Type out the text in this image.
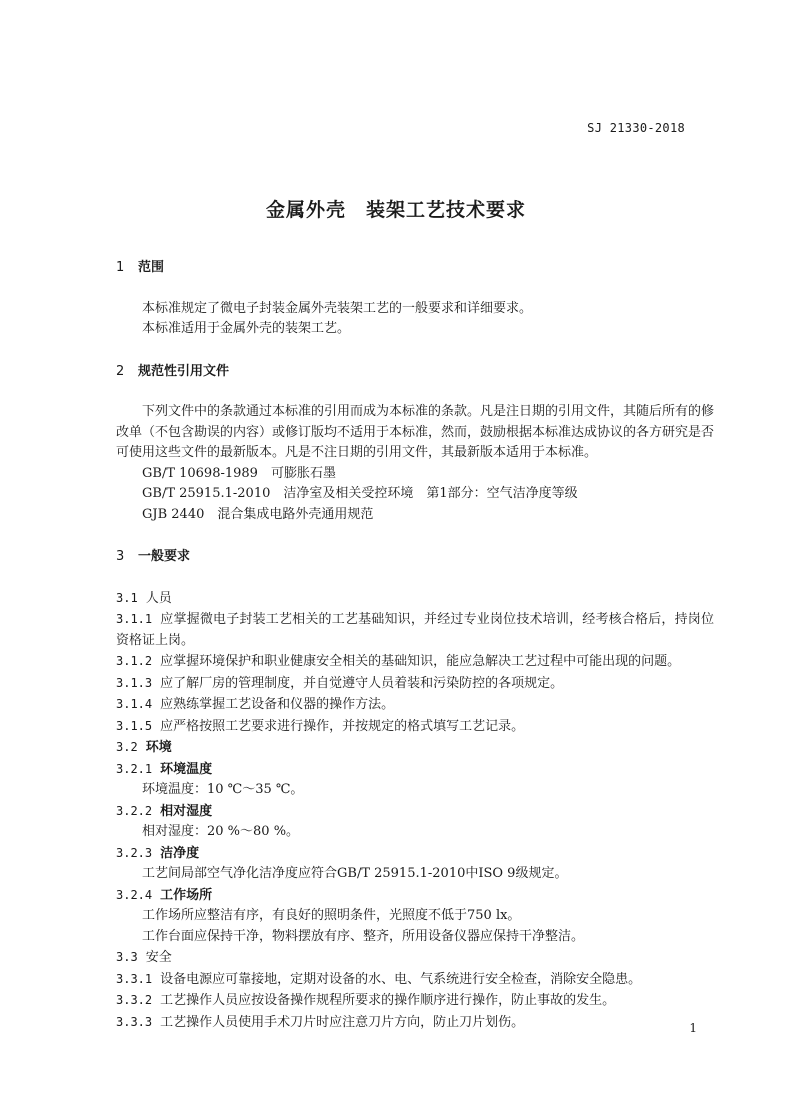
SJ 21330-2018
金属外壳　装架工艺技术要求

1 范围

本标准规定了微电子封装金属外壳装架工艺的一般要求和详细要求。

本标准适用于金属外壳的装架工艺。

2 规范性引用文件

下列文件中的条款通过本标准的引用而成为本标准的条款。凡是注日期的引用文件，其随后所有的修改单（不包含勘误的内容）或修订版均不适用于本标准，然而，鼓励根据本标准达成协议的各方研究是否可使用这些文件的最新版本。凡是不注日期的引用文件，其最新版本适用于本标准。

GB/T 10698-1989　可膨胀石墨

GB/T 25915.1-2010　洁净室及相关受控环境　第1部分：空气洁净度等级

GJB 2440　混合集成电路外壳通用规范

3 一般要求

3.1 人员

3.1.1 应掌握微电子封装工艺相关的工艺基础知识，并经过专业岗位技术培训，经考核合格后，持岗位资格证上岗。

3.1.2 应掌握环境保护和职业健康安全相关的基础知识，能应急解决工艺过程中可能出现的问题。

3.1.3 应了解厂房的管理制度，并自觉遵守人员着装和污染防控的各项规定。

3.1.4 应熟练掌握工艺设备和仪器的操作方法。

3.1.5 应严格按照工艺要求进行操作，并按规定的格式填写工艺记录。

3.2 环境

3.2.1 环境温度

环境温度：10 ℃～35 ℃。

3.2.2 相对湿度

相对湿度：20 %～80 %。

3.2.3 洁净度

工艺间局部空气净化洁净度应符合GB/T 25915.1-2010中ISO 9级规定。

3.2.4 工作场所

工作场所应整洁有序，有良好的照明条件，光照度不低于750 lx。

工作台面应保持干净，物料摆放有序、整齐，所用设备仪器应保持干净整洁。

3.3 安全

3.3.1 设备电源应可靠接地，定期对设备的水、电、气系统进行安全检查，消除安全隐患。

3.3.2 工艺操作人员应按设备操作规程所要求的操作顺序进行操作，防止事故的发生。

3.3.3 工艺操作人员使用手术刀片时应注意刀片方向，防止刀片划伤。	1
